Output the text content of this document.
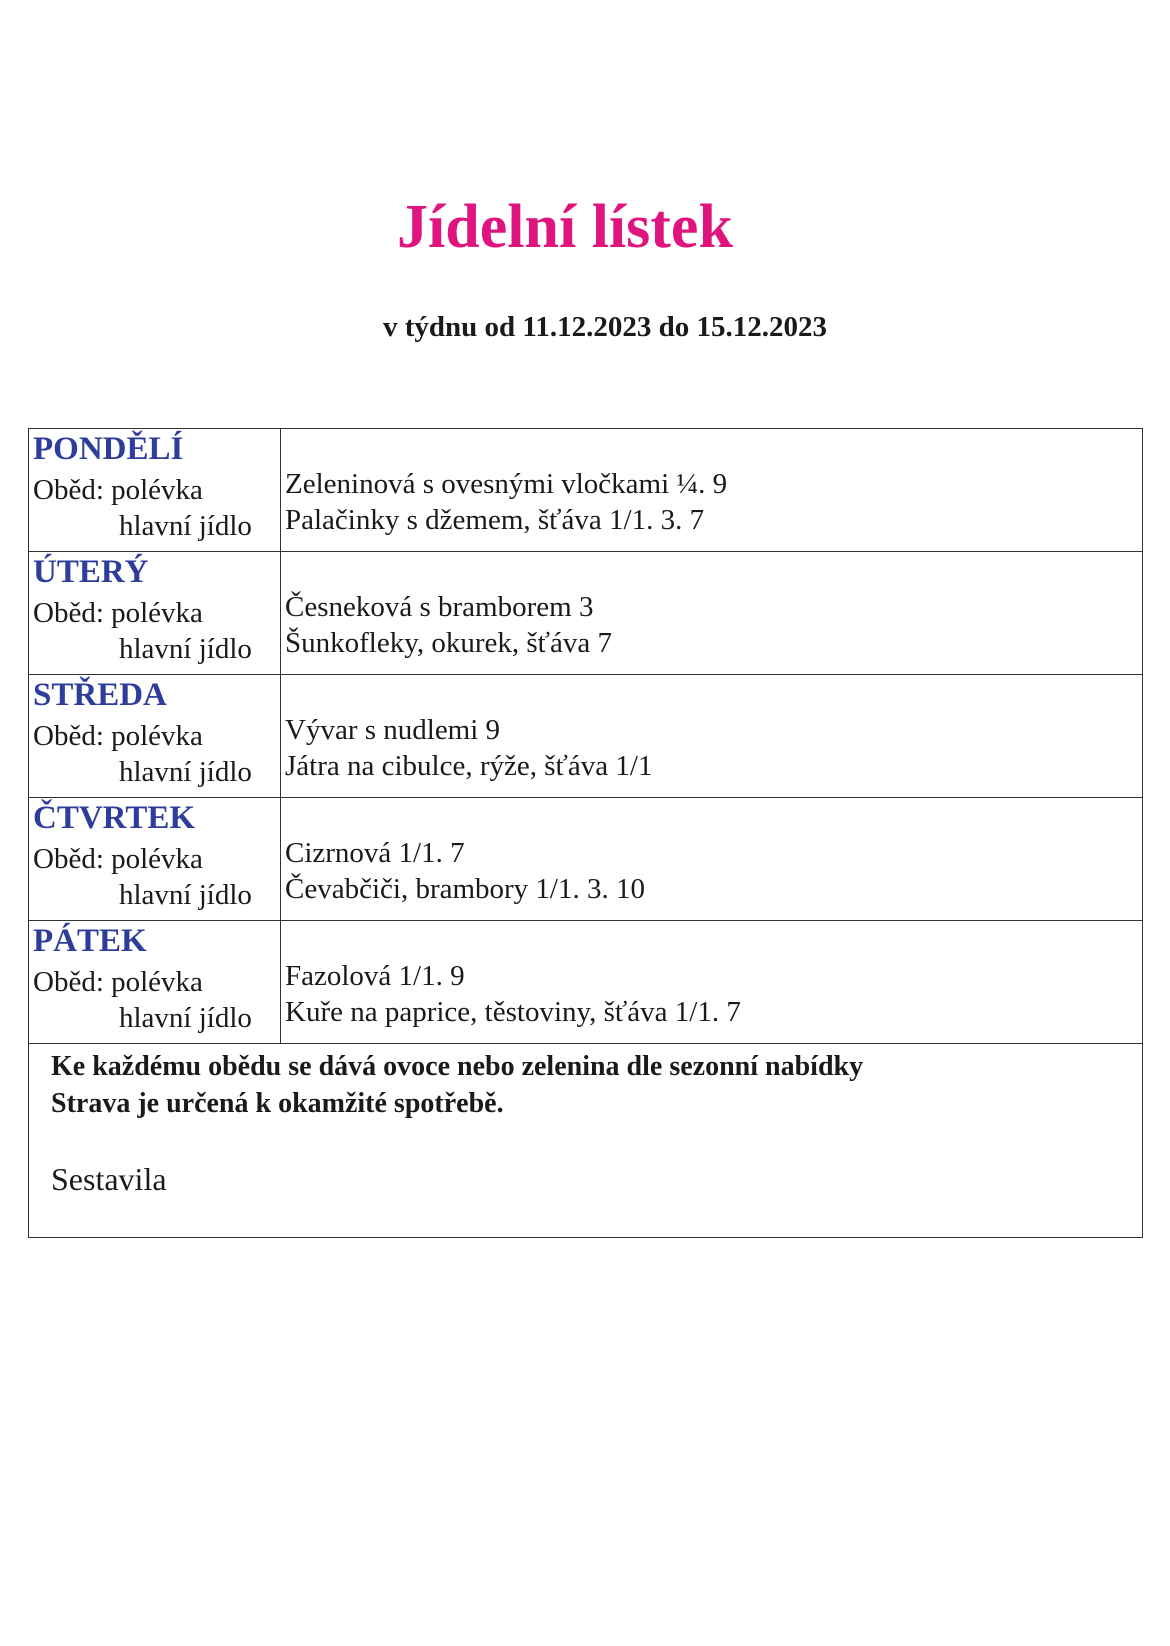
Jídelní lístek
v týdnu od 11.12.2023 do 15.12.2023
PONDĚLÍ
Oběd: polévka
hlavní jídlo
Zeleninová s ovesnými vločkami ¼. 9
Palačinky s džemem, šťáva 1/1. 3. 7
ÚTERÝ
Oběd: polévka
hlavní jídlo
Česneková s bramborem 3
Šunkofleky, okurek, šťáva 7
STŘEDA
Oběd: polévka
hlavní jídlo
Vývar s nudlemi 9
Játra na cibulce, rýže, šťáva 1/1
ČTVRTEK
Oběd: polévka
hlavní jídlo
Cizrnová 1/1. 7
Čevabčiči, brambory 1/1. 3. 10
PÁTEK
Oběd: polévka
hlavní jídlo
Fazolová 1/1. 9
Kuře na paprice, těstoviny, šťáva 1/1. 7
Ke každému obědu se dává ovoce nebo zelenina dle sezonní nabídky
Strava je určená k okamžité spotřebě.
Sestavila
